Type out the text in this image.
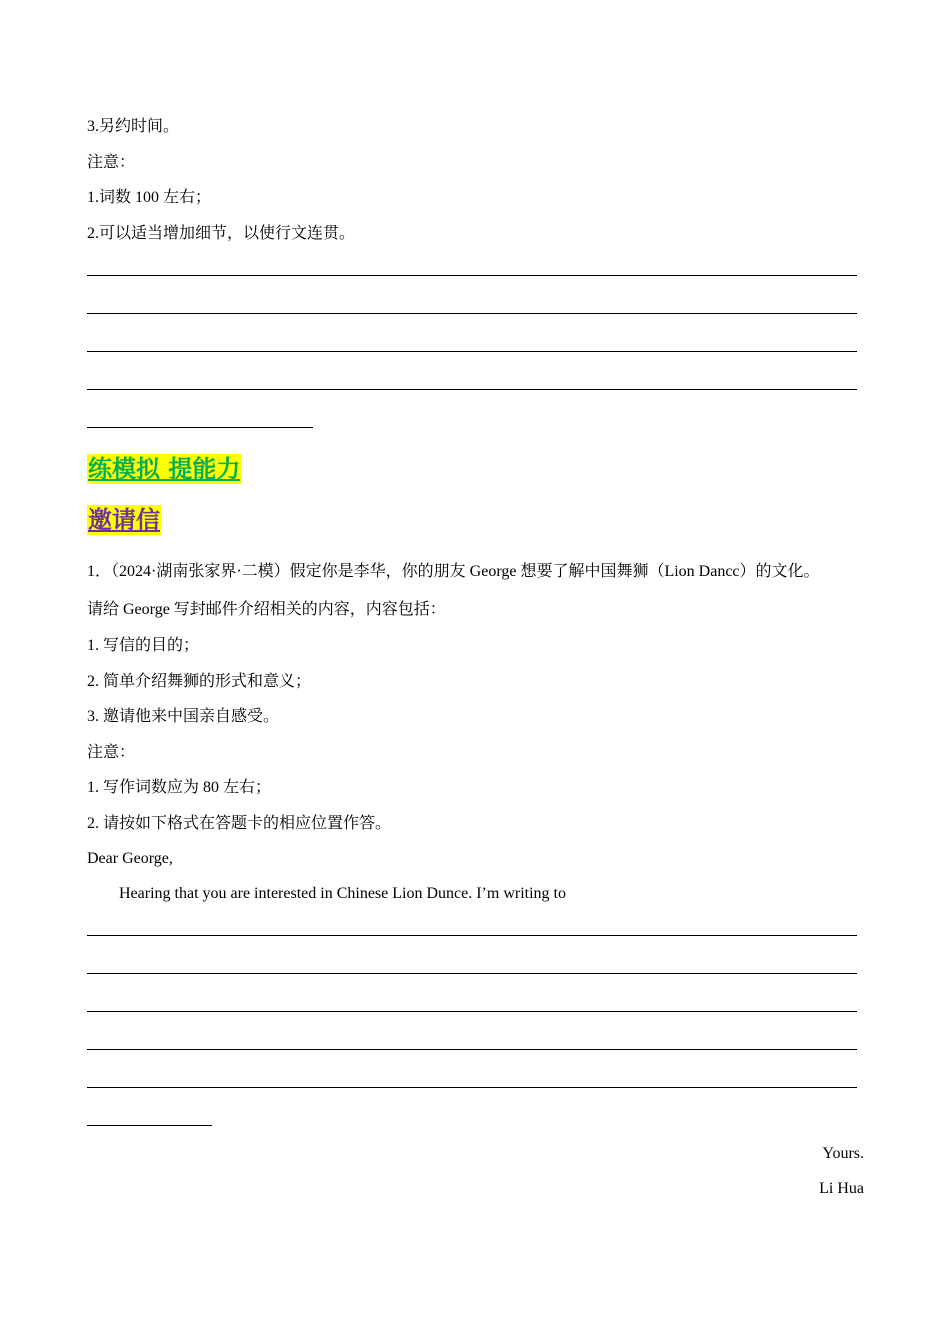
3.另约时间。
注意：
1.词数 100 左右；
2.可以适当增加细节，以使行文连贯。
练模拟 提能力
邀请信
1．（2024·湖南张家界·二模）假定你是李华，你的朋友 George 想要了解中国舞狮（Lion Dancc）的文化。
请给 George 写封邮件介绍相关的内容，内容包括：
1. 写信的目的；
2. 简单介绍舞狮的形式和意义；
3. 邀请他来中国亲自感受。
注意：
1. 写作词数应为 80 左右；
2. 请按如下格式在答题卡的相应位置作答。
Dear George,
Hearing that you are interested in Chinese Lion Dunce. I’m writing to
Yours.
Li Hua
